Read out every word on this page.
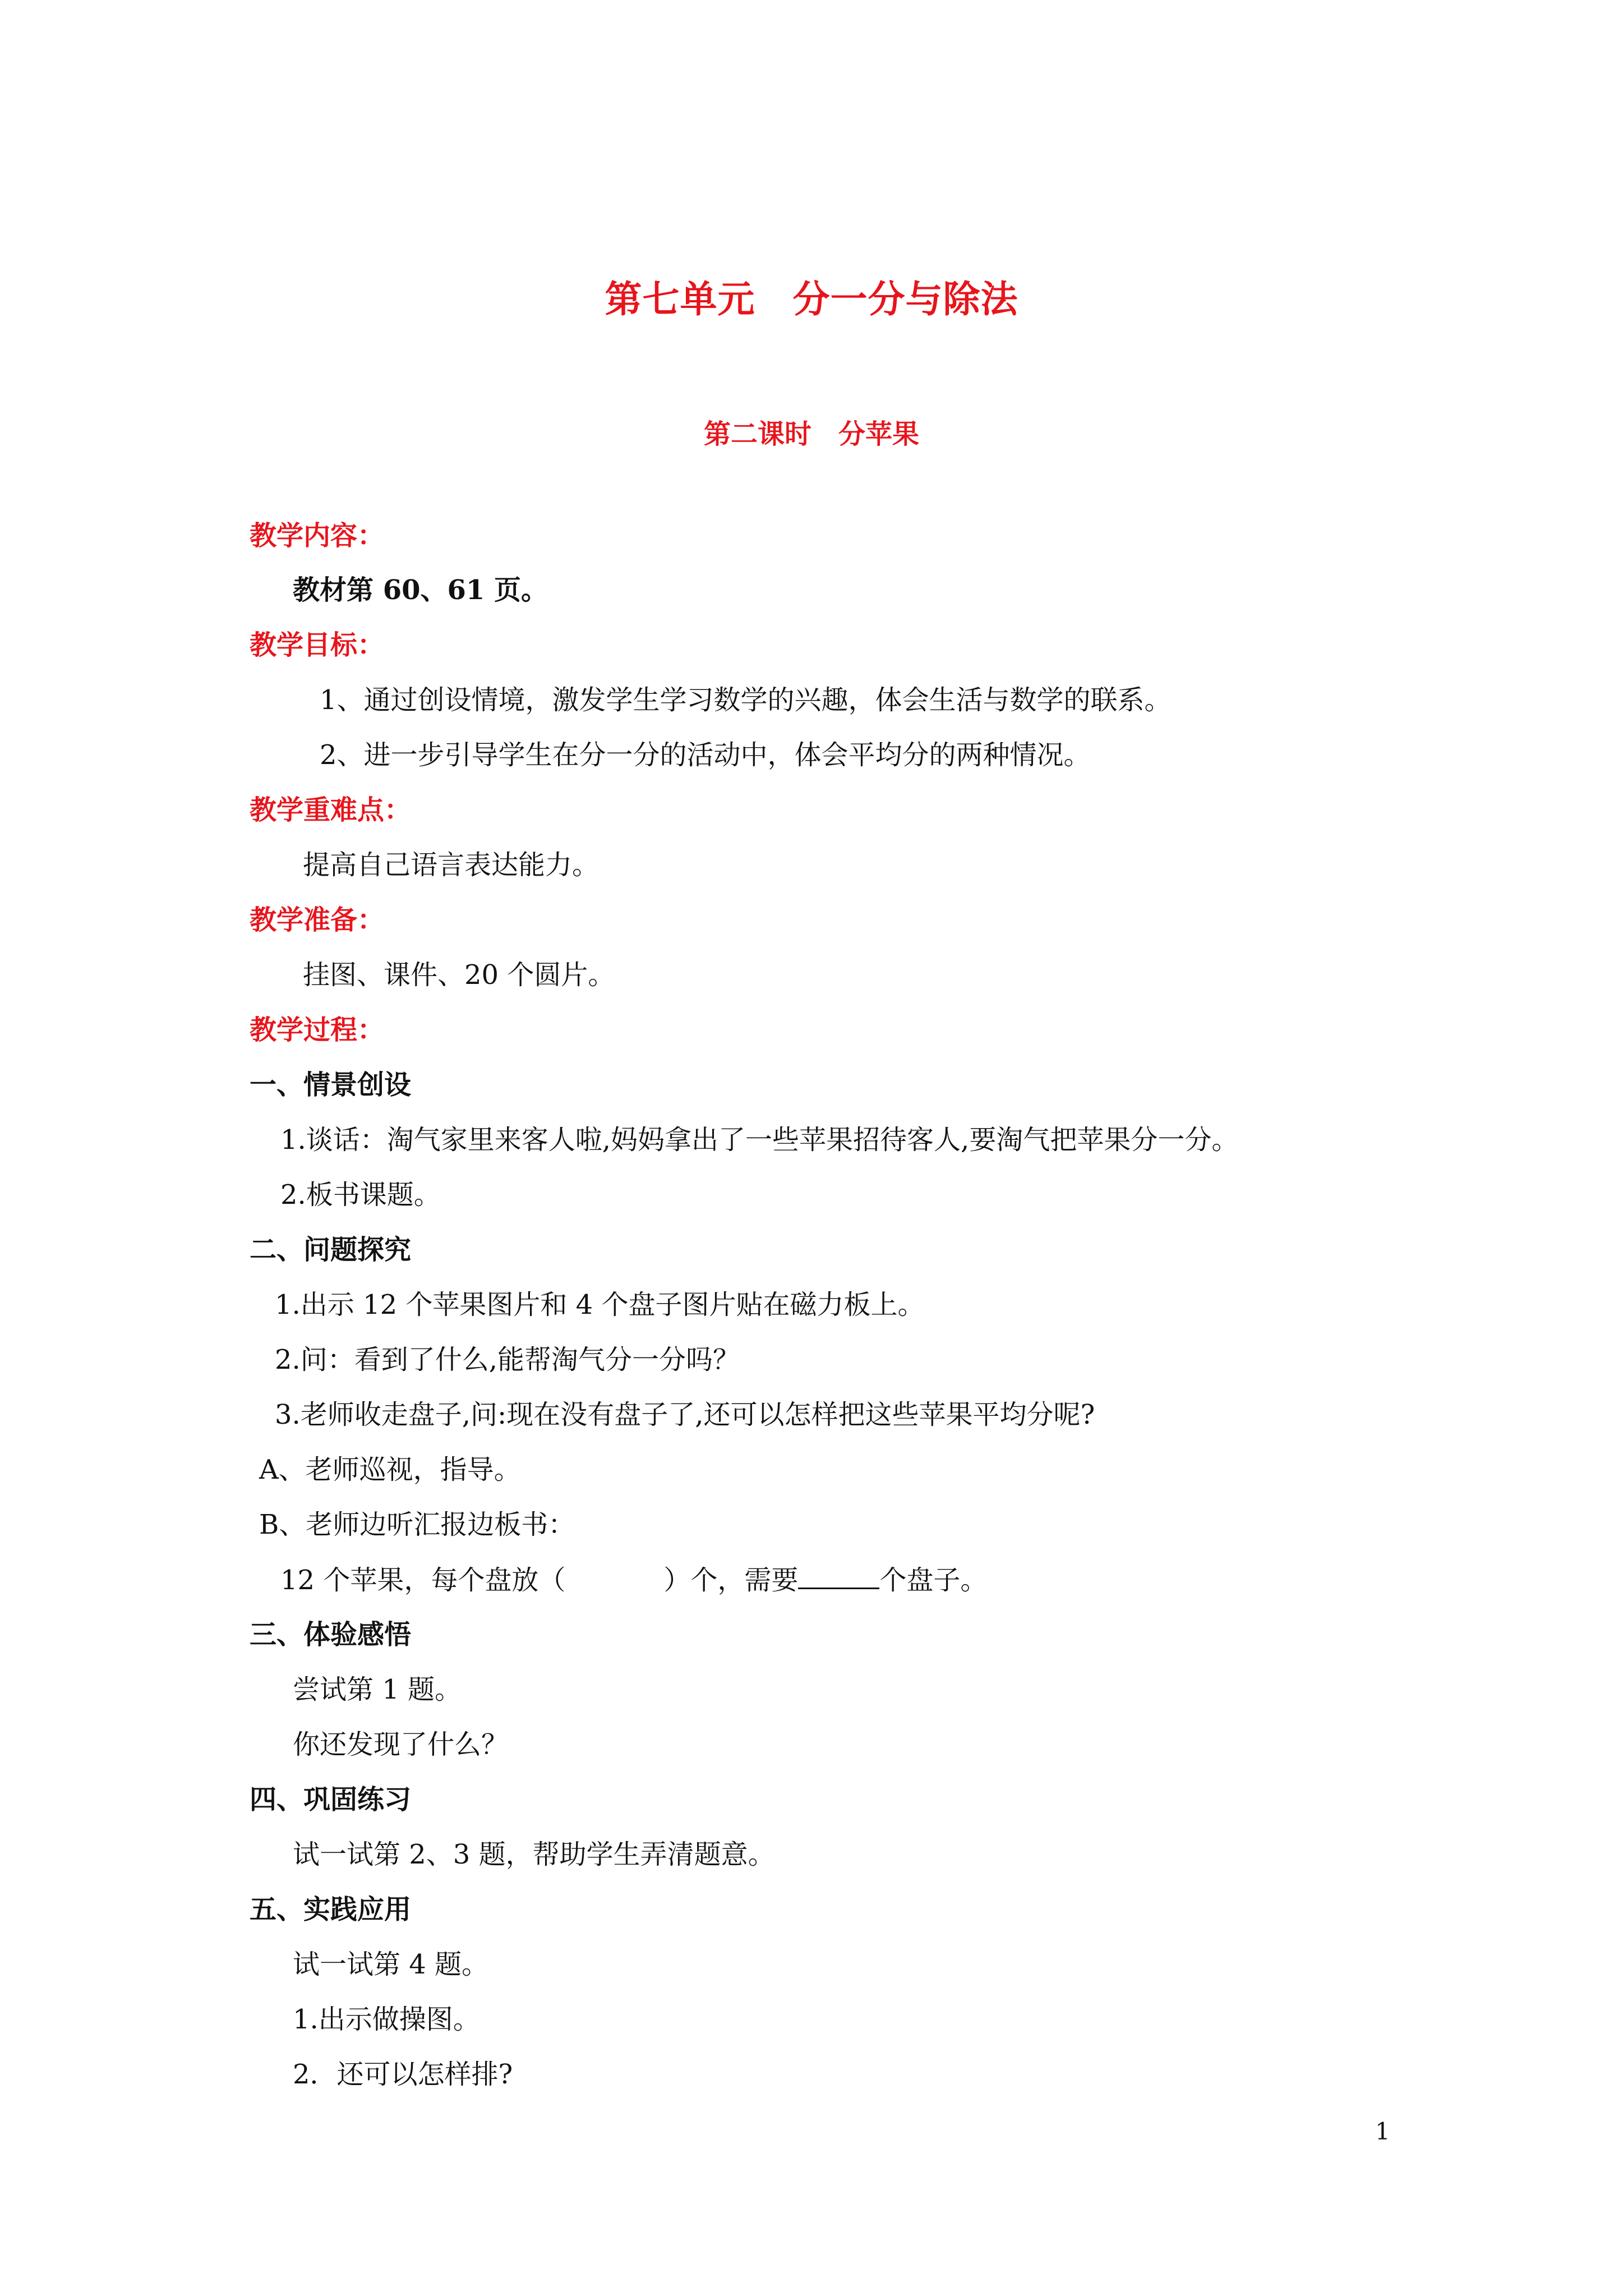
第七单元　分一分与除法
第二课时　分苹果
教学内容：
教材第 60、61 页。
教学目标：
1、通过创设情境，激发学生学习数学的兴趣，体会生活与数学的联系。
2、进一步引导学生在分一分的活动中，体会平均分的两种情况。
教学重难点：
提高自己语言表达能力。
教学准备：
挂图、课件、20 个圆片。
教学过程：
一、情景创设
1.谈话：淘气家里来客人啦,妈妈拿出了一些苹果招待客人,要淘气把苹果分一分。
2.板书课题。
二、问题探究
1.出示 12 个苹果图片和 4 个盘子图片贴在磁力板上。
2.问：看到了什么,能帮淘气分一分吗？
3.老师收走盘子,问:现在没有盘子了,还可以怎样把这些苹果平均分呢?
A、老师巡视，指导。
B、老师边听汇报边板书：
12 个苹果，每个盘放（	）个，需要	个盘子。
三、体验感悟
尝试第 1 题。
你还发现了什么？
四、巩固练习
试一试第 2、3 题，帮助学生弄清题意。
五、实践应用
试一试第 4 题。
1.出示做操图。
2．还可以怎样排?
1
